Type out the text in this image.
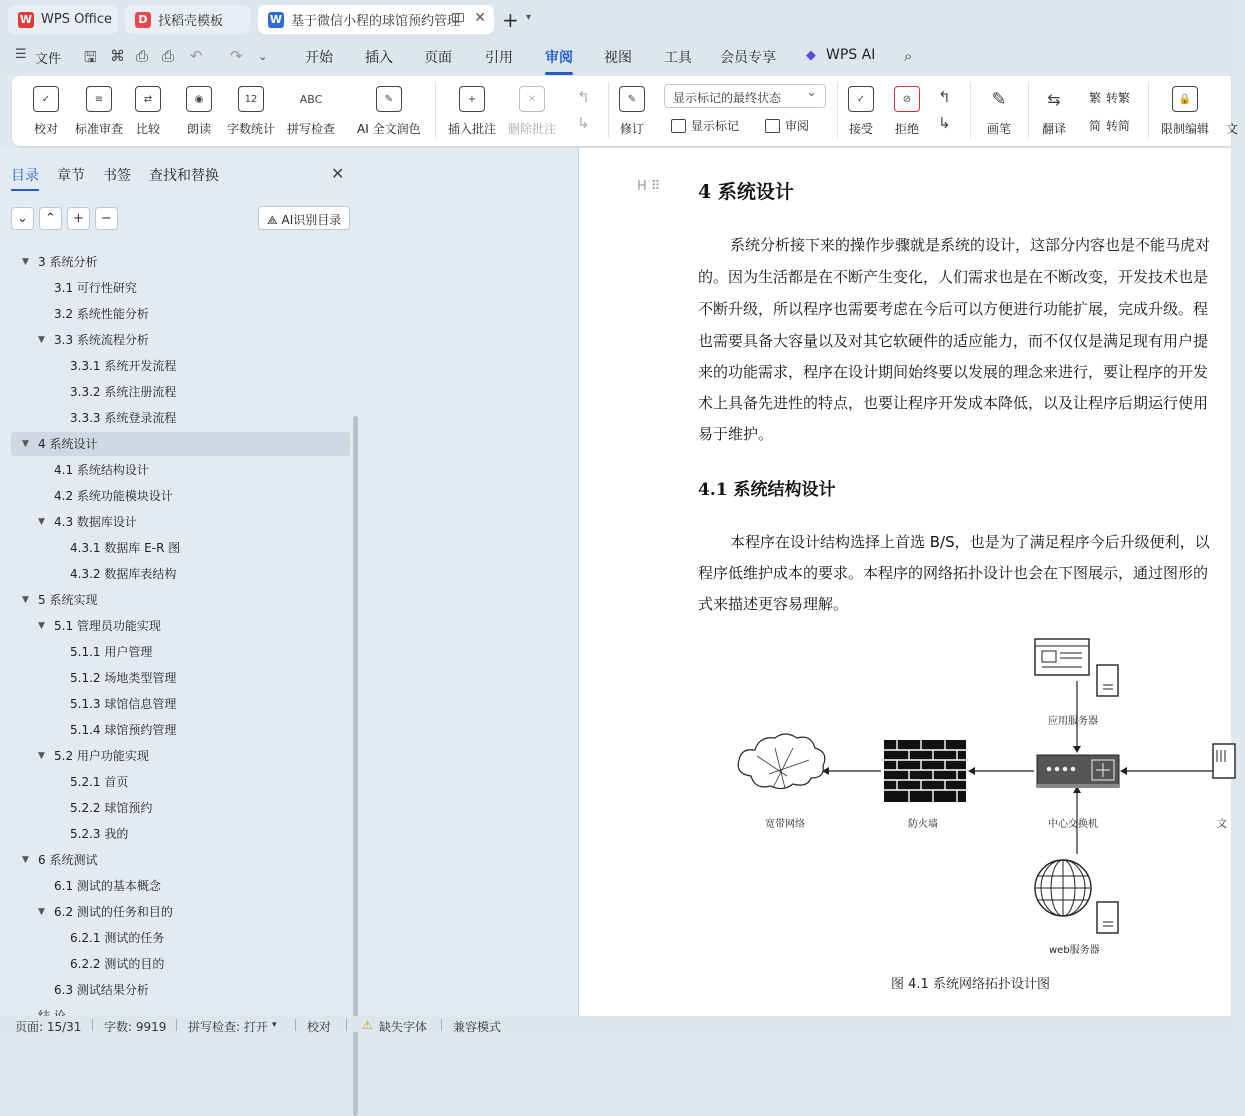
W WPS Office	D 找稻壳模板	W 基于微信小程的球馆预约管理 ✕ + ▾
☰ 文件 🖫 ⌘ ⎙ ⎙ ↶ ↷ ⌄	开始 插入 页面 引用 审阅 视图 工具 会员专享 ◆ WPS AI ⌕
✓
校对
≡
标准审查
⇄
比较
◉
朗读
12
字数统计
ABC
拼写检查
✎
AI 全文润色
+
插入批注
✕
删除批注
↰
↳
✎
修订
显示标记的最终状态 ⌄
显示标记	审阅
✓
接受
⊘
拒绝
↰
↳
✎
画笔
⇆
翻译
繁 转繁
简 转简
🔒
限制编辑 文
目录 章节 书签 查找和替换	✕
⌄	⌃	+	−	⟁ AI识别目录
▼ 3 系统分析
3.1 可行性研究
3.2 系统性能分析
▼ 3.3 系统流程分析
3.3.1 系统开发流程
3.3.2 系统注册流程
3.3.3 系统登录流程
▼ 4 系统设计
4.1 系统结构设计
4.2 系统功能模块设计
▼ 4.3 数据库设计
4.3.1 数据库 E-R 图
4.3.2 数据库表结构
▼ 5 系统实现
▼ 5.1 管理员功能实现
5.1.1 用户管理
5.1.2 场地类型管理
5.1.3 球馆信息管理
5.1.4 球馆预约管理
▼ 5.2 用户功能实现
5.2.1 首页
5.2.2 球馆预约
5.2.3 我的
▼ 6 系统测试
6.1 测试的基本概念
▼ 6.2 测试的任务和目的
6.2.1 测试的任务
6.2.2 测试的目的
6.3 测试结果分析
H ⠿ 4 系统设计
系统分析接下来的操作步骤就是系统的设计，这部分内容也是不能马虎对
的。因为生活都是在不断产生变化，人们需求也是在不断改变，开发技术也是
不断升级，所以程序也需要考虑在今后可以方便进行功能扩展，完成升级。程
也需要具备大容量以及对其它软硬件的适应能力，而不仅仅是满足现有用户提
来的功能需求，程序在设计期间始终要以发展的理念来进行，要让程序的开发
术上具备先进性的特点，也要让程序开发成本降低，以及让程序后期运行使用
易于维护。
4.1 系统结构设计
本程序在设计结构选择上首选 B/S，也是为了满足程序今后升级便利，以
程序低维护成本的要求。本程序的网络拓扑设计也会在下图展示，通过图形的
式来描述更容易理解。
应用服务器
宽带网络	防火墙	中心交换机	文
web服务器
图 4.1 系统网络拓扑设计图
页面: 15/31 字数: 9919 拼写检查: 打开 ▾	校对	⚠ 缺失字体 兼容模式
